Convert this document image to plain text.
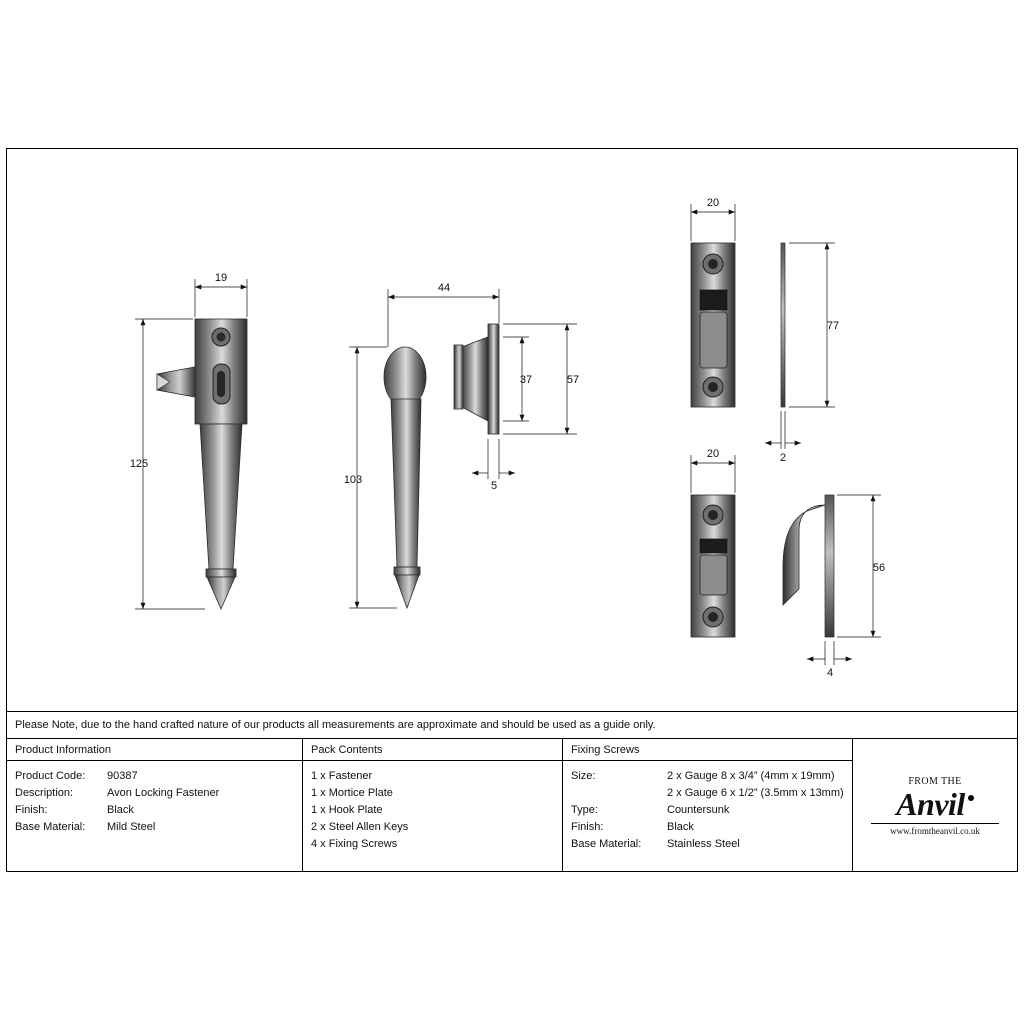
19
125
44
103
37	57
5
20
77
2
20
56
4
Please Note, due to the hand crafted nature of our products all measurements are approximate and should be used as a guide only.
Product Information
Product Code:	90387
Description:	Avon Locking Fastener
Finish:	Black
Base Material:	Mild Steel
Pack Contents
1 x Fastener
1 x Mortice Plate
1 x Hook Plate
2 x Steel Allen Keys
4 x Fixing Screws
Fixing Screws
Size:	2 x Gauge 8 x 3/4” (4mm x 19mm)
2 x Gauge 6 x 1/2” (3.5mm x 13mm)
Type:	Countersunk
Finish:	Black
Base Material:	Stainless Steel
FROM THE
Anvil
www.fromtheanvil.co.uk
